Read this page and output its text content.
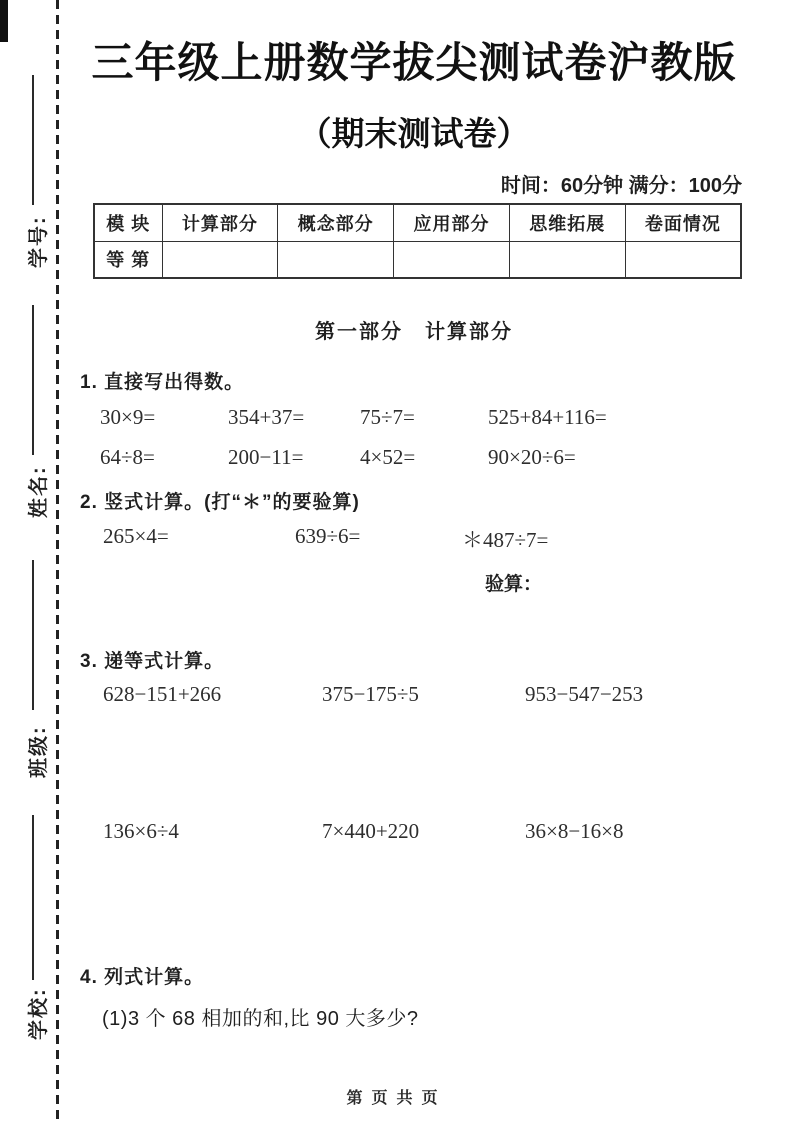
学号:
姓名:
班级:
学校:
三年级上册数学拔尖测试卷沪教版
（期末测试卷）
时间：60分钟 满分：100分
模 块	计算部分	概念部分	应用部分	思维拓展	卷面情况
等 第					
第一部分　计算部分
1. 直接写出得数。
30×9=	354+37=	75÷7=	525+84+116=
64÷8=	200−11=	4×52=	90×20÷6=
2. 竖式计算。(打“＊”的要验算)
265×4=	639÷6=	＊487÷7=
验算：
3. 递等式计算。
628−151+266	375−175÷5	953−547−253
136×6÷4	7×440+220	36×8−16×8
4. 列式计算。
(1)3 个 68 相加的和,比 90 大多少?
第页共页
